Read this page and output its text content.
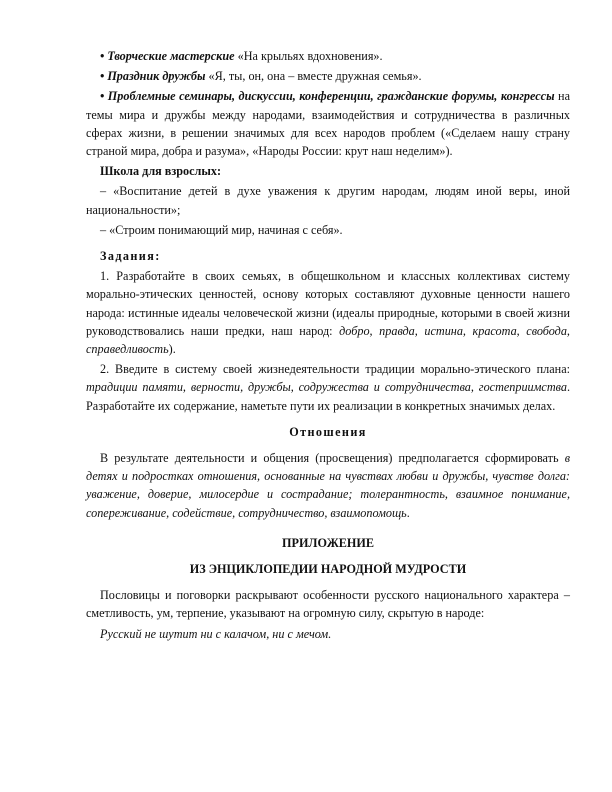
• Творческие мастерские «На крыльях вдохновения».

• Праздник дружбы «Я, ты, он, она – вместе дружная семья».

• Проблемные семинары, дискуссии, конференции, гражданские форумы, конгрессы на темы мира и дружбы между народами, взаимодействия и сотрудничества в различных сферах жизни, в решении значимых для всех народов проблем («Сделаем нашу страну страной мира, добра и разума», «Народы России: крут наш неделим»).

Школа для взрослых:

– «Воспитание детей в духе уважения к другим народам, людям иной веры, иной национальности»;

– «Строим понимающий мир, начиная с себя».

Задания:

1. Разработайте в своих семьях, в общешкольном и классных коллективах систему морально-этических ценностей, основу которых составляют духовные ценности нашего народа: истинные идеалы человеческой жизни (идеалы природные, которыми в своей жизни руководствовались наши предки, наш народ: добро, правда, истина, красота, свобода, справедливость).

2. Введите в систему своей жизнедеятельности традиции морально-этического плана: традиции памяти, верности, дружбы, содружества и сотрудничества, гостеприимства. Разработайте их содержание, наметьте пути их реализации в конкретных значимых делах.

Отношения

В результате деятельности и общения (просвещения) предполагается сформировать в детях и подростках отношения, основанные на чувствах любви и дружбы, чувстве долга: уважение, доверие, милосердие и сострадание; толерантность, взаимное понимание, сопереживание, содействие, сотрудничество, взаимопомощь.

ПРИЛОЖЕНИЕ

ИЗ ЭНЦИКЛОПЕДИИ НАРОДНОЙ МУДРОСТИ

Пословицы и поговорки раскрывают особенности русского национального характера – сметливость, ум, терпение, указывают на огромную силу, скрытую в народе:

Русский не шутит ни с калачом, ни с мечом.
